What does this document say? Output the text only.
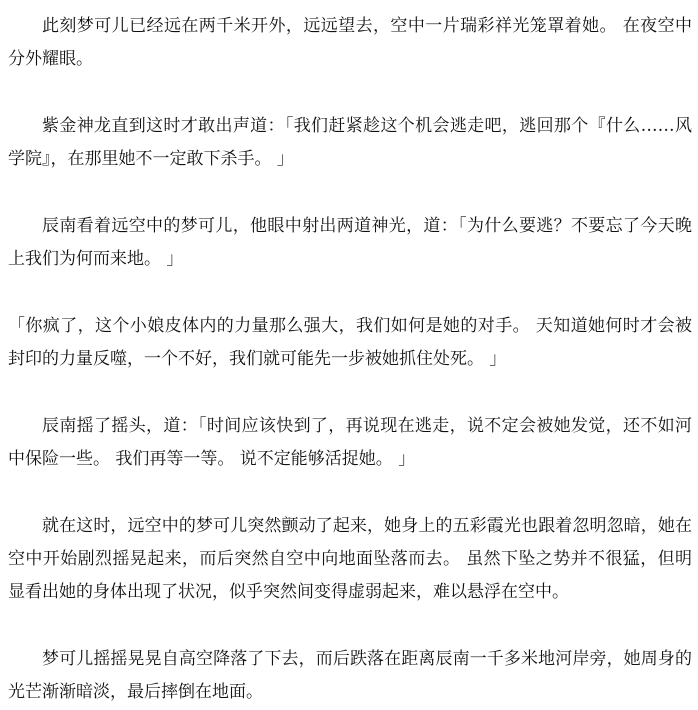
此刻梦可儿已经远在两千米开外，远远望去，空中一片瑞彩祥光笼罩着她。 在夜空中分外耀眼。

紫金神龙直到这时才敢出声道：「我们赶紧趁这个机会逃走吧，逃回那个『什么……风学院』，在那里她不一定敢下杀手。 」

辰南看着远空中的梦可儿，他眼中射出两道神光，道：「为什么要逃？不要忘了今天晚上我们为何而来地。 」

「你疯了，这个小娘皮体内的力量那么强大，我们如何是她的对手。 天知道她何时才会被封印的力量反噬，一个不好，我们就可能先一步被她抓住处死。 」

辰南摇了摇头，道：「时间应该快到了，再说现在逃走，说不定会被她发觉，还不如河中保险一些。 我们再等一等。 说不定能够活捉她。 」

就在这时，远空中的梦可儿突然颤动了起来，她身上的五彩霞光也跟着忽明忽暗，她在空中开始剧烈摇晃起来，而后突然自空中向地面坠落而去。 虽然下坠之势并不很猛，但明显看出她的身体出现了状况，似乎突然间变得虚弱起来，难以悬浮在空中。

梦可儿摇摇晃晃自高空降落了下去，而后跌落在距离辰南一千多米地河岸旁，她周身的光芒渐渐暗淡，最后摔倒在地面。
